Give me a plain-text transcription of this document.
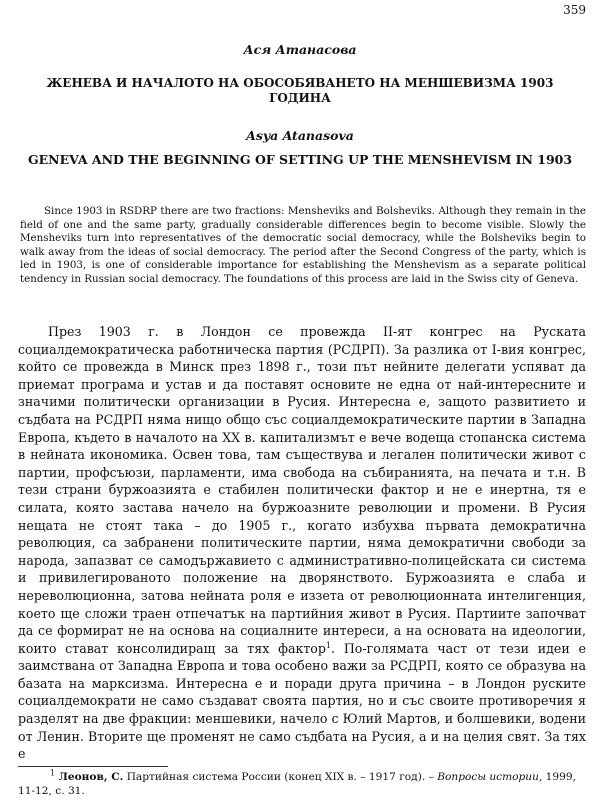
359

Ася Атанасова

ЖЕНЕВА И НАЧАЛОТО НА ОБОСОБЯВАНЕТО НА МЕНШЕВИЗМА 1903 ГОДИНА

Asya Atanasova

GENEVA AND THE BEGINNING OF SETTING UP THE MENSHEVISM IN 1903

Since 1903 in RSDRP there are two fractions: Mensheviks and Bolsheviks. Although they remain in the field of one and the same party, gradually considerable differences begin to become visible. Slowly the Mensheviks turn into representatives of the democratic social democracy, while the Bolsheviks begin to walk away from the ideas of social democracy. The period after the Second Congress of the party, which is led in 1903, is one of considerable importance for establishing the Menshevism as a separate political tendency in Russian social democracy. The foundations of this process are laid in the Swiss city of Geneva.

През 1903 г. в Лондон се провежда II-ят конгрес на Руската социалдемократическа работническа партия (РСДРП). За разлика от I-вия конгрес, който се провежда в Минск през 1898 г., този път нейните делегати успяват да приемат програма и устав и да поставят основите не една от най-интересните и значими политически организации в Русия. Интересна е, защото развитието и съдбата на РСДРП няма нищо общо със социалдемократическите партии в Западна Европа, където в началото на XX в. капитализмът е вече водеща стопанска система в нейната икономика. Освен това, там съществува и легален политически живот с партии, профсъюзи, парламенти, има свобода на събиранията, на печата и т.н. В тези страни буржоазията е стабилен политически фактор и не е инертна, тя е силата, която застава начело на буржоазните революции и промени. В Русия нещата не стоят така – до 1905 г., когато избухва първата демократична революция, са забранени политическите партии, няма демократични свободи за народа, запазват се самодържавието с административно-полицейската си система и привилегированото положение на дворянството. Буржоазията е слаба и нереволюционна, затова нейната роля е иззета от революционната интелигенция, което ще сложи траен отпечатък на партийния живот в Русия. Партиите започват да се формират не на основа на социалните интереси, а на основата на идеологии, които стават консолидиращ за тях фактор$^1$. По-голямата част от тези идеи е заимствана от Западна Европа и това особено важи за РСДРП, която се образува на базата на марксизма. Интересна е и поради друга причина – в Лондон руските социалдемократи не само създават своята партия, но и със своите противоречия я разделят на две фракции: меншевики, начело с Юлий Мартов, и болшевики, водени от Ленин. Вторите ще променят не само съдбата на Русия, а и на целия свят. За тях е

$^1$ Леонов, С. Партийная система России (конец XIX в. – 1917 год). – Вопросы истории, 1999, 11-12, с. 31.
